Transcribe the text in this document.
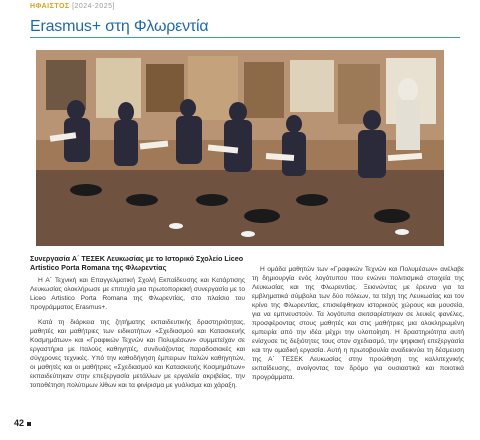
ΗΦΑΙΣΤΟΣ [2024-2025]
Erasmus+ στη Φλωρεντία
Συνεργασία Α΄ ΤΕΣΕΚ Λευκωσίας με το Ιστορικό Σχολείο Liceo Artistico Porta Romana της Φλωρεντίας

Η Α΄ Τεχνική και Επαγγελματική Σχολή Εκπαίδευσης και Κατάρτισης Λευκωσίας ολοκλήρωσε με επιτυχία μια πρωτοποριακή συνεργασία με το Liceo Artistico Porta Romana της Φλωρεντίας, στο πλαίσιο του προγράμματος Erasmus+.

Κατά τη διάρκεια της ζητήματης εκπαιδευτικής δραστηριότητας, μαθητές και μαθήτριες των ειδικοτήτων «Σχεδιασμού και Κατασκευής Κοσμημάτων» και «Γραφικών Τεχνών και Πολυμέσων» συμμετείχαν σε εργαστήρια με Ιταλούς καθηγητές, συνδυάζοντας παραδοσιακές και σύγχρονες τεχνικές. Υπό την καθοδήγηση έμπειρων Ιταλών καθηγητών, οι μαθητές και οι μαθήτριες «Σχεδιασμού και Κατασκευής Κοσμημάτων» εκπαιδεύτηκαν στην επεξεργασία μετάλλων με εργαλεία ακριβείας, την τοποθέτηση πολύτιμων λίθων και τα φινίρισμα με γυάλισμα και χάραξη.

Η ομάδα μαθητών των «Γραφικών Τεχνών και Πολυμέσων» ανέλαβε τη δημιουργία ενός λογότυπου που ενώνει πολιτισμικά στοιχεία της Λευκωσίας και της Φλωρεντίας. Ξεκινώντας με έρευνα για τα εμβληματικά σύμβολα των δύο πόλεων, τα τείχη της Λευκωσίας και τον κρίνο της Φλωρεντίας, επισκέφθηκαν ιστορικούς χώρους και μουσεία, για να εμπνευστούν. Τα λογότυπα σκιτσαρίστηκαν σε λευκές φανέλες, προσφέροντας στους μαθητές και στις μαθήτριες μια ολοκληρωμένη εμπειρία από την ιδέα μέχρι την υλοποίηση. Η δραστηριότητα αυτή ενίσχυσε τις δεξιότητες τους στον σχεδιασμό, την ψηφιακή επεξεργασία και την ομαδική εργασία. Αυτή η πρωτοβουλία αναδεικνύει τη δέσμευση της Α΄ ΤΕΣΕΚ Λευκωσίας στην προώθηση της καλλιτεχνικής εκπαίδευσης, ανοίγοντας τον δρόμο για ουσιαστικά και ποιοτικά προγράμματα.

42
